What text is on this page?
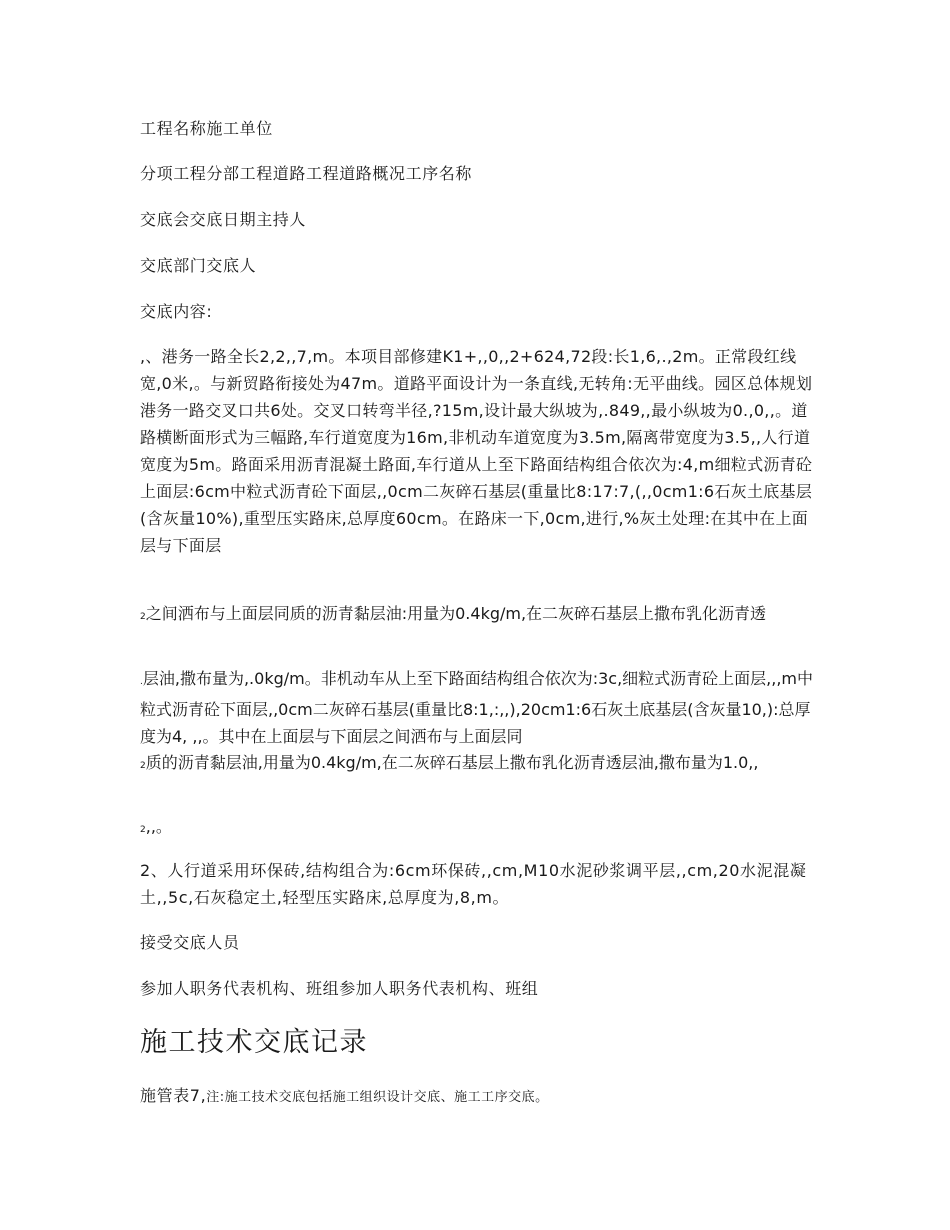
工程名称施工单位
分项工程分部工程道路工程道路概况工序名称
交底会交底日期主持人
交底部门交底人
交底内容:
,、港务一路全长2,2,,7,m。本项目部修建K1+,,0,,2+624,72段:长1,6,.,2m。正常段红线宽,0米,。与新贸路衔接处为47m。道路平面设计为一条直线,无转角:无平曲线。园区总体规划港务一路交叉口共6处。交叉口转弯半径,?15m,设计最大纵坡为,.849,,最小纵坡为0.,0,,。道路横断面形式为三幅路,车行道宽度为16m,非机动车道宽度为3.5m,隔离带宽度为3.5,,人行道宽度为5m。路面采用沥青混凝土路面,车行道从上至下路面结构组合依次为:4,m细粒式沥青砼上面层:6cm中粒式沥青砼下面层,,0cm二灰碎石基层(重量比8:17:7,(,,0cm1:6石灰土底基层(含灰量10%),重型压实路床,总厚度60cm。在路床一下,0cm,进行,%灰土处理:在其中在上面层与下面层
2之间洒布与上面层同质的沥青黏层油:用量为0.4kg/m,在二灰碎石基层上撒布乳化沥青透
.层油,撒布量为,.0kg/m。非机动车从上至下路面结构组合依次为:3c,细粒式沥青砼上面层,,,m中粒式沥青砼下面层,,0cm二灰碎石基层(重量比8:1,:,,),20cm1:6石灰土底基层(含灰量10,):总厚度为4, ,,。其中在上面层与下面层之间洒布与上面层同
2质的沥青黏层油,用量为0.4kg/m,在二灰碎石基层上撒布乳化沥青透层油,撒布量为1.0,,
2,,。
2、人行道采用环保砖,结构组合为:6cm环保砖,,cm,M10水泥砂浆调平层,,cm,20水泥混凝土,,5c,石灰稳定土,轻型压实路床,总厚度为,8,m。
接受交底人员
参加人职务代表机构、班组参加人职务代表机构、班组
施工技术交底记录
施管表7,注:施工技术交底包括施工组织设计交底、施工工序交底。
